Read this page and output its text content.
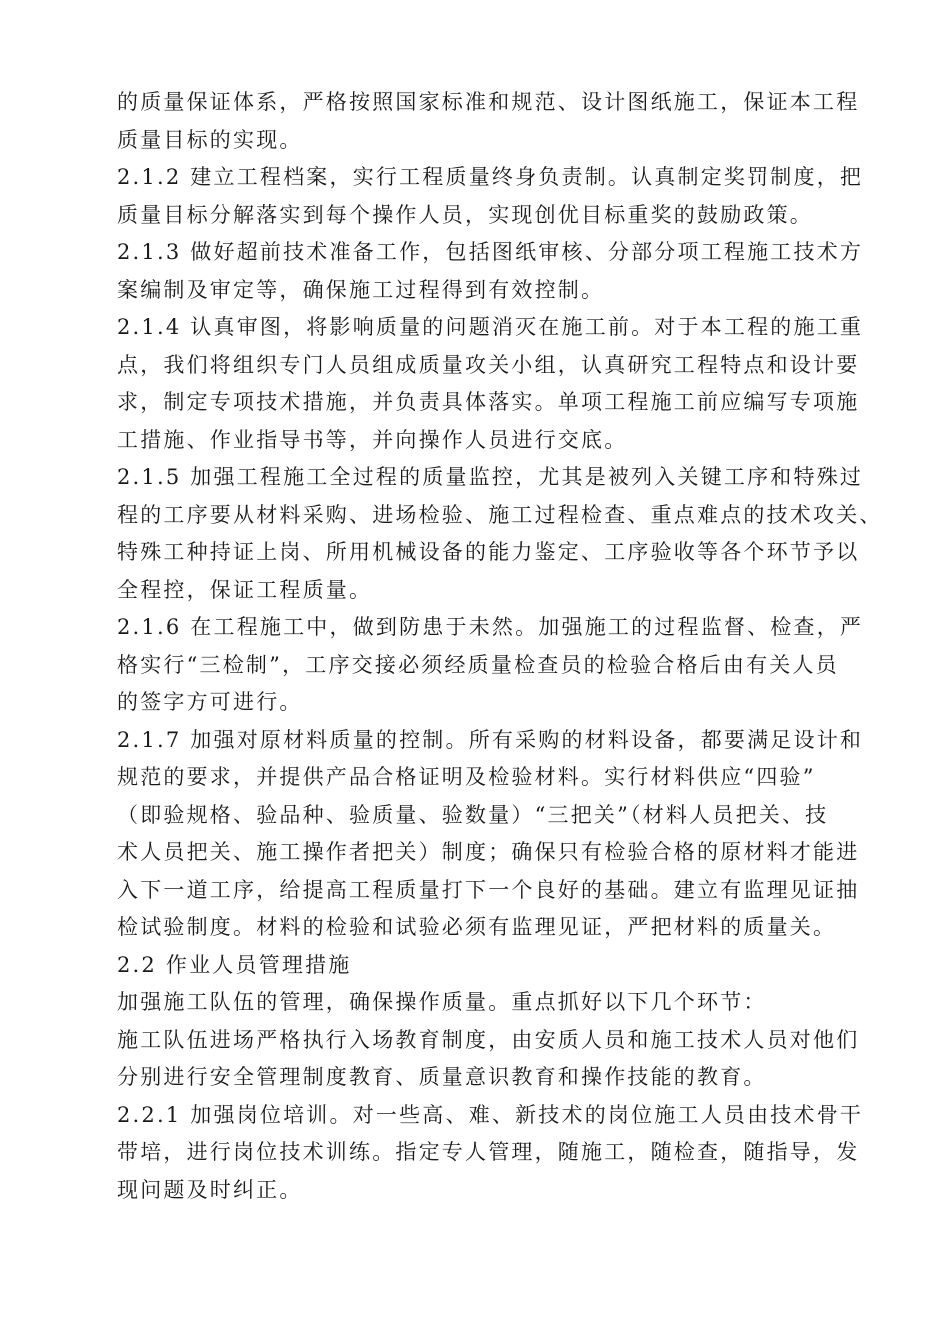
的质量保证体系，严格按照国家标准和规范、设计图纸施工，保证本工程
质量目标的实现。
2.1.2 建立工程档案，实行工程质量终身负责制。认真制定奖罚制度，把
质量目标分解落实到每个操作人员，实现创优目标重奖的鼓励政策。
2.1.3 做好超前技术准备工作，包括图纸审核、分部分项工程施工技术方
案编制及审定等，确保施工过程得到有效控制。
2.1.4 认真审图，将影响质量的问题消灭在施工前。对于本工程的施工重
点，我们将组织专门人员组成质量攻关小组，认真研究工程特点和设计要
求，制定专项技术措施，并负责具体落实。单项工程施工前应编写专项施
工措施、作业指导书等，并向操作人员进行交底。
2.1.5 加强工程施工全过程的质量监控，尤其是被列入关键工序和特殊过
程的工序要从材料采购、进场检验、施工过程检查、重点难点的技术攻关、
特殊工种持证上岗、所用机械设备的能力鉴定、工序验收等各个环节予以
全程控，保证工程质量。
2.1.6 在工程施工中，做到防患于未然。加强施工的过程监督、检查，严
格实行“三检制”，工序交接必须经质量检查员的检验合格后由有关人员
的签字方可进行。
2.1.7 加强对原材料质量的控制。所有采购的材料设备，都要满足设计和
规范的要求，并提供产品合格证明及检验材料。实行材料供应“四验”
（即验规格、验品种、验质量、验数量）“三把关”（材料人员把关、技
术人员把关、施工操作者把关）制度；确保只有检验合格的原材料才能进
入下一道工序，给提高工程质量打下一个良好的基础。建立有监理见证抽
检试验制度。材料的检验和试验必须有监理见证，严把材料的质量关。
2.2 作业人员管理措施
加强施工队伍的管理，确保操作质量。重点抓好以下几个环节：
施工队伍进场严格执行入场教育制度，由安质人员和施工技术人员对他们
分别进行安全管理制度教育、质量意识教育和操作技能的教育。
2.2.1 加强岗位培训。对一些高、难、新技术的岗位施工人员由技术骨干
带培，进行岗位技术训练。指定专人管理，随施工，随检查，随指导，发
现问题及时纠正。
